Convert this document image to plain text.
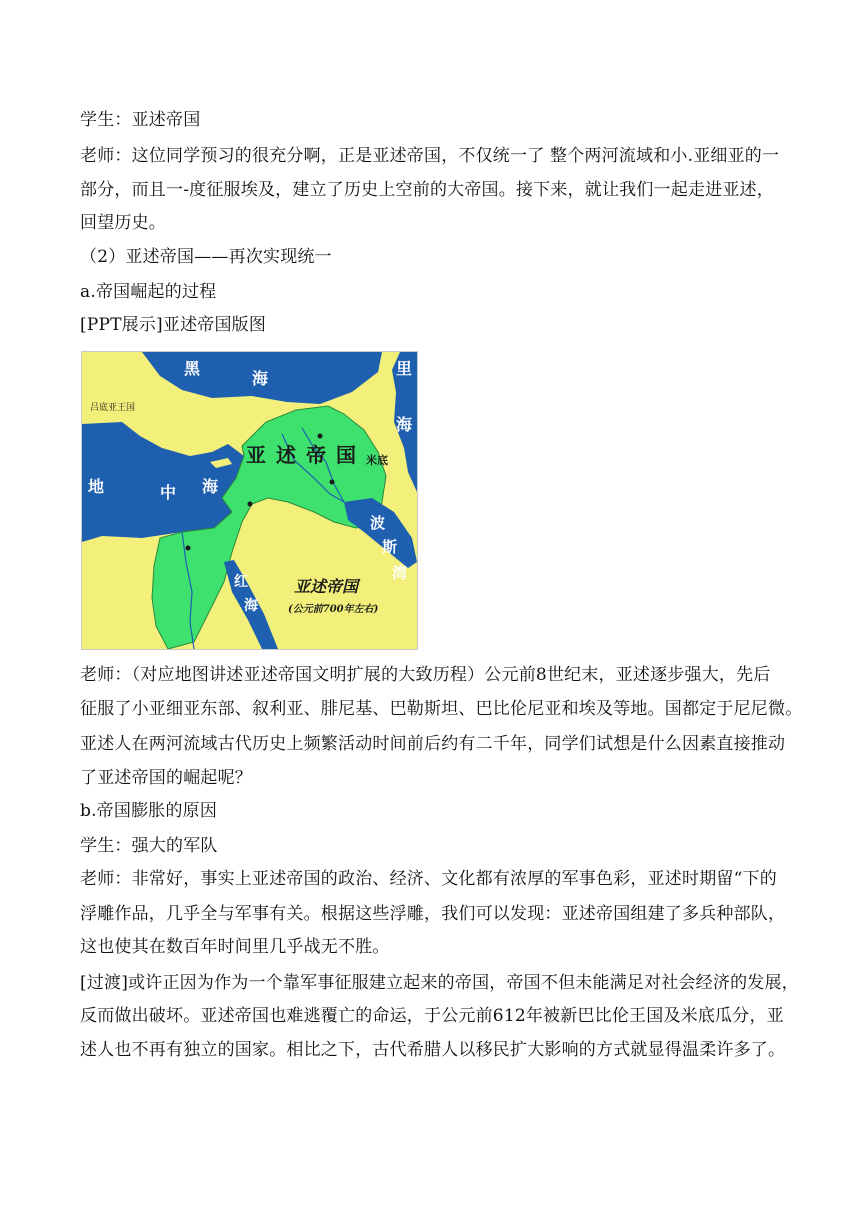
学生：亚述帝国
老师：这位同学预习的很充分啊，正是亚述帝国，不仅统一了 整个两河流域和小.亚细亚的一
部分，而且一-度征服埃及，建立了历史上空前的大帝国。接下来，就让我们一起走进亚述，
回望历史。
（2）亚述帝国——再次实现统一
a.帝国崛起的过程
[PPT展示]亚述帝国版图
黑
海
里
海
地	中 海
红
海
波
斯
湾
亚 述 帝 国 米底
吕底亚王国
亚述帝国
(公元前700年左右)
老师：（对应地图讲述亚述帝国文明扩展的大致历程）公元前8世纪末，亚述逐步强大，先后
征服了小亚细亚东部、叙利亚、腓尼基、巴勒斯坦、巴比伦尼亚和埃及等地。国都定于尼尼微。
亚述人在两河流域古代历史上频繁活动时间前后约有二千年，同学们试想是什么因素直接推动
了亚述帝国的崛起呢？
b.帝国膨胀的原因
学生：强大的军队
老师：非常好，事实上亚述帝国的政治、经济、文化都有浓厚的军事色彩，亚述时期留“下的
浮雕作品，几乎全与军事有关。根据这些浮雕，我们可以发现：亚述帝国组建了多兵种部队，
这也使其在数百年时间里几乎战无不胜。
[过渡]或许正因为作为一个靠军事征服建立起来的帝国，帝国不但未能满足对社会经济的发展，
反而做出破坏。亚述帝国也难逃覆亡的命运，于公元前612年被新巴比伦王国及米底瓜分，亚
述人也不再有独立的国家。相比之下，古代希腊人以移民扩大影响的方式就显得温柔许多了。
